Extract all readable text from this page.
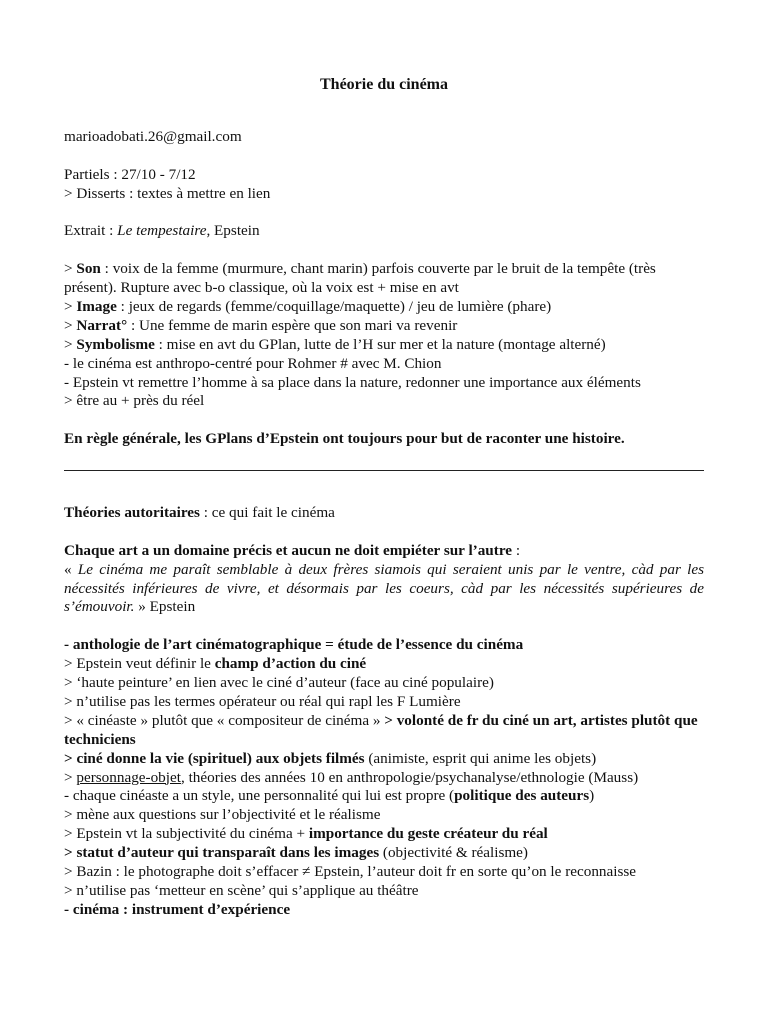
Théorie du cinéma

marioadobati.26@gmail.com

Partiels : 27/10 - 7/12

> Disserts : textes à mettre en lien

Extrait : Le tempestaire, Epstein

> Son : voix de la femme (murmure, chant marin) parfois couverte par le bruit de la tempête (très présent). Rupture avec b-o classique, où la voix est + mise en avt

> Image : jeux de regards (femme/coquillage/maquette) / jeu de lumière (phare)

> Narrat° : Une femme de marin espère que son mari va revenir

> Symbolisme : mise en avt du GPlan, lutte de l’H sur mer et la nature (montage alterné)

- le cinéma est anthropo-centré pour Rohmer # avec M. Chion

- Epstein vt remettre l’homme à sa place dans la nature, redonner une importance aux éléments

> être au + près du réel

En règle générale, les GPlans d’Epstein ont toujours pour but de raconter une histoire.

Théories autoritaires : ce qui fait le cinéma

Chaque art a un domaine précis et aucun ne doit empiéter sur l’autre :

« Le cinéma me paraît semblable à deux frères siamois qui seraient unis par le ventre, càd par les nécessités inférieures de vivre, et désormais par les coeurs, càd par les nécessités supérieures de s’émouvoir. » Epstein

- anthologie de l’art cinématographique = étude de l’essence du cinéma

> Epstein veut définir le champ d’action du ciné

> ‘haute peinture’ en lien avec le ciné d’auteur (face au ciné populaire)

> n’utilise pas les termes opérateur ou réal qui rapl les F Lumière

> « cinéaste » plutôt que « compositeur de cinéma » > volonté de fr du ciné un art, artistes plutôt que techniciens

> ciné donne la vie (spirituel) aux objets filmés (animiste, esprit qui anime les objets)

> personnage-objet, théories des années 10 en anthropologie/psychanalyse/ethnologie (Mauss)

- chaque cinéaste a un style, une personnalité qui lui est propre (politique des auteurs)

> mène aux questions sur l’objectivité et le réalisme

> Epstein vt la subjectivité du cinéma + importance du geste créateur du réal

> statut d’auteur qui transparaît dans les images (objectivité & réalisme)

> Bazin : le photographe doit s’effacer ≠ Epstein, l’auteur doit fr en sorte qu’on le reconnaisse

> n’utilise pas ‘metteur en scène’ qui s’applique au théâtre

- cinéma : instrument d’expérience
